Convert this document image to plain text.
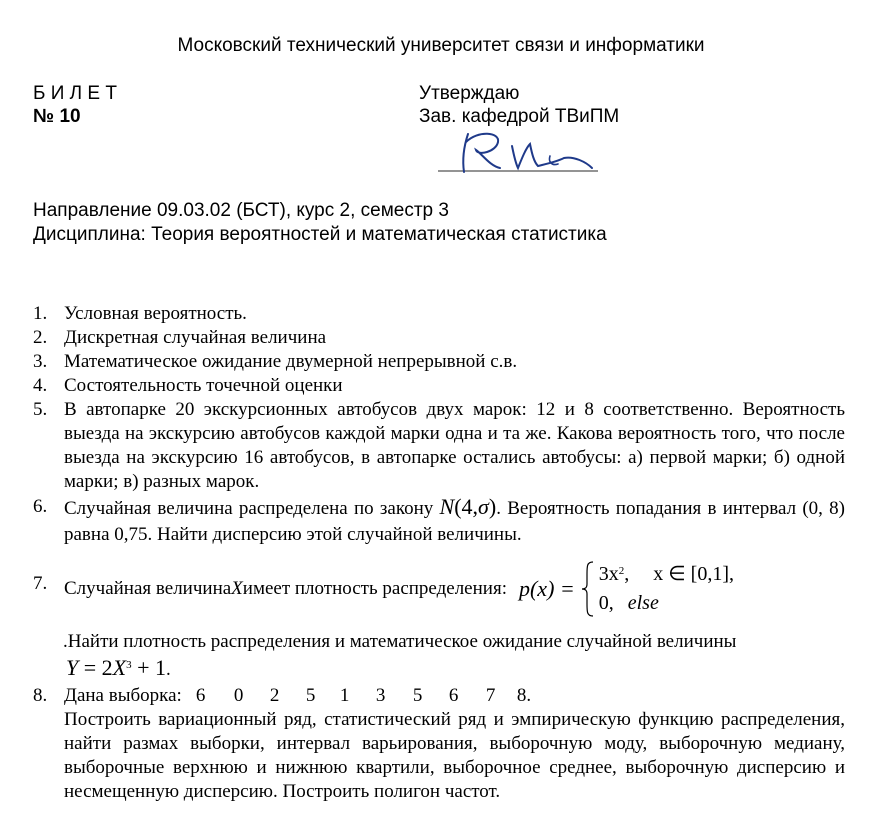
Московский технический университет связи и информатики
Б И Л Е Т
№ 10
Утверждаю
Зав. кафедрой ТВиПМ
Направление 09.03.02 (БСТ), курс 2, семестр 3
Дисциплина: Теория вероятностей и математическая статистика
1. Условная вероятность.
2. Дискретная случайная величина
3. Математическое ожидание двумерной непрерывной с.в.
4. Состоятельность точечной оценки
5. В автопарке 20 экскурсионных автобусов двух марок: 12 и 8 соответственно. Вероятность выезда на экскурсию автобусов каждой марки одна и та же. Какова вероятность того, что после выезда на экскурсию 16 автобусов, в автопарке остались автобусы: а) первой марки; б) одной марки; в) разных марок.
6. Случайная величина распределена по закону N(4,σ). Вероятность попадания в интервал (0, 8) равна 0,75. Найти дисперсию этой случайной величины.
7. Случайная величина X имеет плотность распределения: p(x) =
$3x^2$, x ∈ [0,1],
0, else
.Найти плотность распределения и математическое ожидание случайной величины
$Y = 2X^3 + 1$.
8. Дана выборка: 6 0 2 5 1 3 5 6 7 8.
Построить вариационный ряд, статистический ряд и эмпирическую функцию распределения, найти размах выборки, интервал варьирования, выборочную моду, выборочную медиану, выборочные верхнюю и нижнюю квартили, выборочное среднее, выборочную дисперсию и несмещенную дисперсию. Построить полигон частот.
